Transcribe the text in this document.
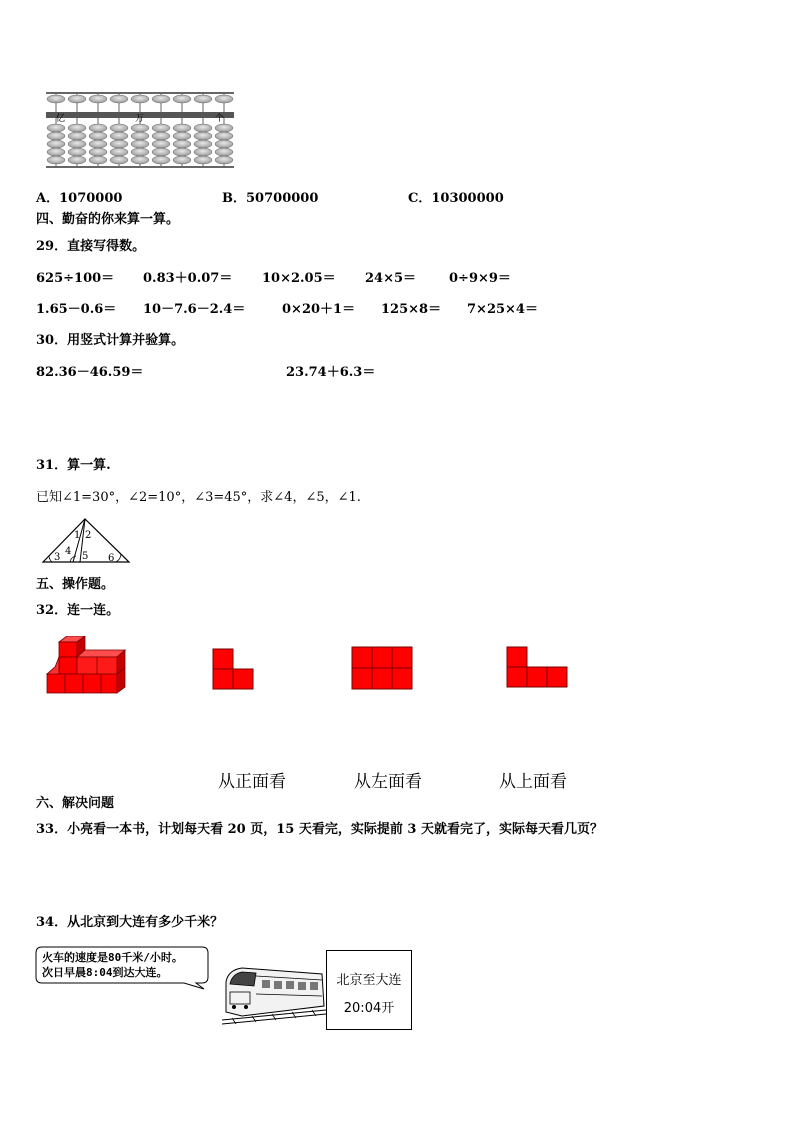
亿	万	个
A．1070000	B．50700000	C．10300000
四、勤奋的你来算一算。
29．直接写得数。
625÷100＝ 0.83＋0.07＝ 10×2.05＝ 24×5＝	0÷9×9＝
1.65－0.6＝ 10－7.6－2.4＝	0×20＋1＝ 125×8＝ 7×25×4＝
30．用竖式计算并验算。
82.36－46.59＝	23.74＋6.3＝
31．算一算.
已知∠1=30°，∠2=10°，∠3=45°，求∠4，∠5，∠1.
1 2
3
4 5 6
五、操作题。
32．连一连。
从正面看	从左面看	从上面看
六、解决问题
33．小亮看一本书，计划每天看 20 页，15 天看完，实际提前 3 天就看完了，实际每天看几页？
34．从北京到大连有多少千米？
火车的速度是80千米/小时。
次日早晨8:04到达大连。
北京至大连
20:04开
